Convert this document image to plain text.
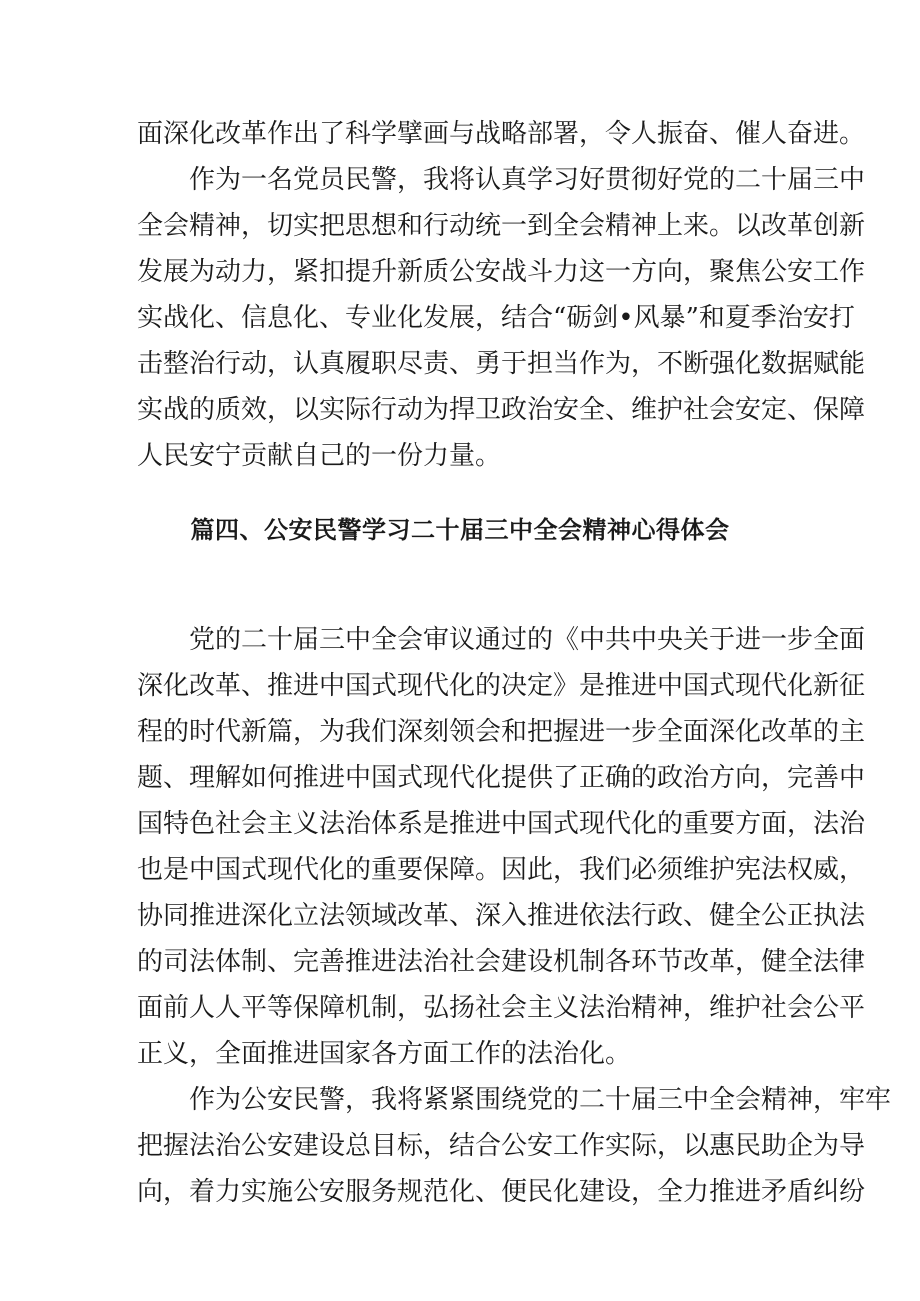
面深化改革作出了科学擘画与战略部署，令人振奋、催人奋进。
作为一名党员民警，我将认真学习好贯彻好党的二十届三中
全会精神，切实把思想和行动统一到全会精神上来。以改革创新
发展为动力，紧扣提升新质公安战斗力这一方向，聚焦公安工作
实战化、信息化、专业化发展，结合“砺剑•风暴”和夏季治安打
击整治行动，认真履职尽责、勇于担当作为，不断强化数据赋能
实战的质效，以实际行动为捍卫政治安全、维护社会安定、保障
人民安宁贡献自己的一份力量。
篇四、公安民警学习二十届三中全会精神心得体会
党的二十届三中全会审议通过的《中共中央关于进一步全面
深化改革、推进中国式现代化的决定》是推进中国式现代化新征
程的时代新篇，为我们深刻领会和把握进一步全面深化改革的主
题、理解如何推进中国式现代化提供了正确的政治方向，完善中
国特色社会主义法治体系是推进中国式现代化的重要方面，法治
也是中国式现代化的重要保障。因此，我们必须维护宪法权威，
协同推进深化立法领域改革、深入推进依法行政、健全公正执法
的司法体制、完善推进法治社会建设机制各环节改革，健全法律
面前人人平等保障机制，弘扬社会主义法治精神，维护社会公平
正义，全面推进国家各方面工作的法治化。
作为公安民警，我将紧紧围绕党的二十届三中全会精神，牢牢
把握法治公安建设总目标，结合公安工作实际，以惠民助企为导
向，着力实施公安服务规范化、便民化建设，全力推进矛盾纠纷
